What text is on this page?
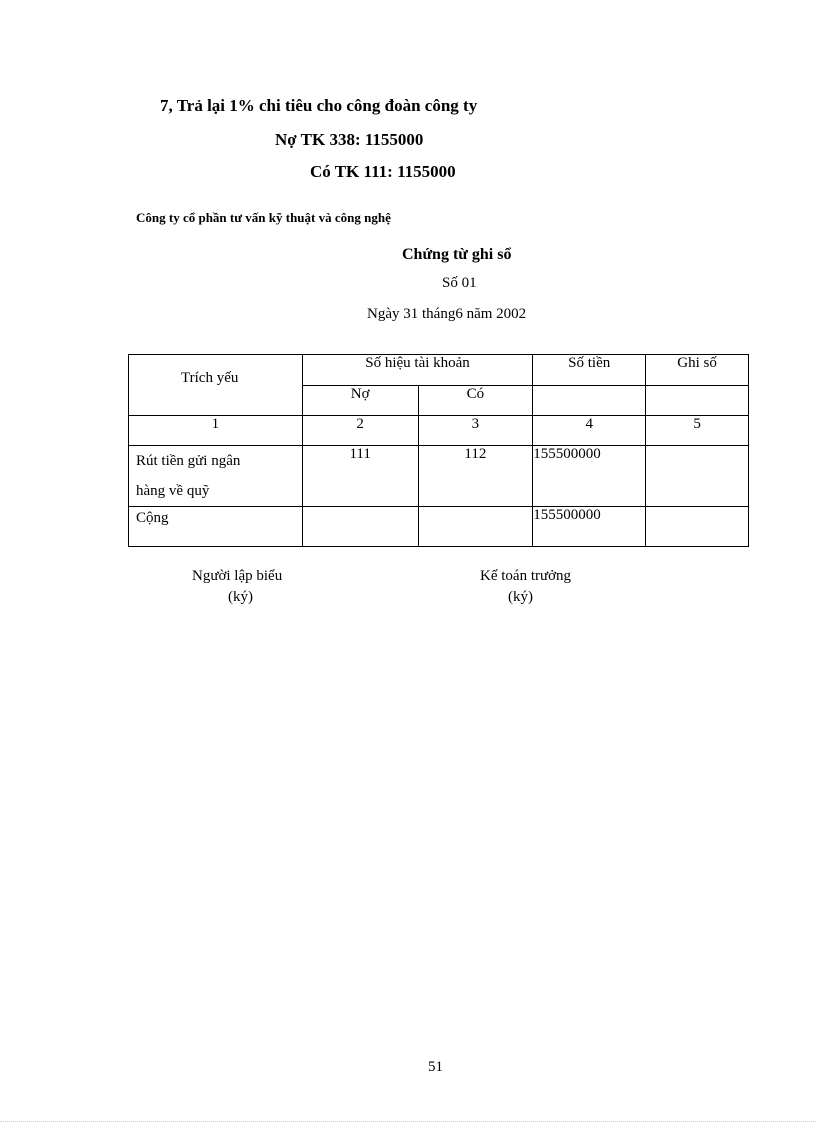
7, Trả lại 1% chi tiêu cho công đoàn công ty
Nợ TK 338: 1155000
Có TK 111: 1155000
Công ty cổ phần tư vấn kỹ thuật và công nghệ
Chứng từ ghi sổ
Số 01
Ngày 31 tháng6 năm 2002
Trích yếu	Số hiệu tài khoản		Số tiền	Ghi số
	Nợ	Có		
1	2	3	4	5
Rút tiền gửi ngân
hàng về quỹ	111	112	155500000	
Cộng			155500000	
Người lập biểu
(ký)
Kế toán trưởng
(ký)
51
